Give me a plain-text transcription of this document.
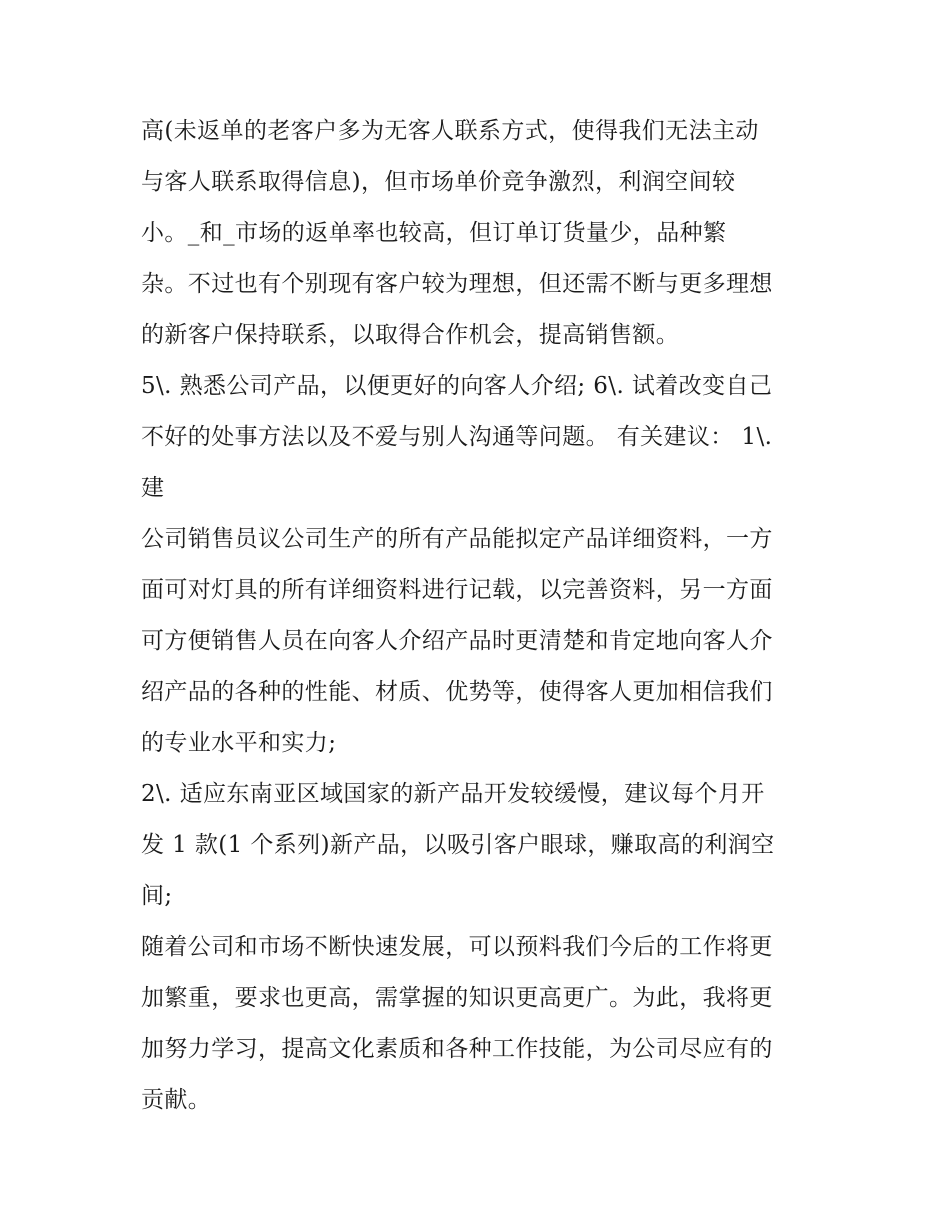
高(未返单的老客户多为无客人联系方式，使得我们无法主动
与客人联系取得信息)，但市场单价竞争激烈，利润空间较
小。_和_市场的返单率也较高，但订单订货量少，品种繁
杂。不过也有个别现有客户较为理想，但还需不断与更多理想
的新客户保持联系，以取得合作机会，提高销售额。
5\. 熟悉公司产品，以便更好的向客人介绍; 6\. 试着改变自己
不好的处事方法以及不爱与别人沟通等问题。 有关建议： 1\.
建
公司销售员议公司生产的所有产品能拟定产品详细资料，一方
面可对灯具的所有详细资料进行记载，以完善资料，另一方面
可方便销售人员在向客人介绍产品时更清楚和肯定地向客人介
绍产品的各种的性能、材质、优势等，使得客人更加相信我们
的专业水平和实力;
2\. 适应东南亚区域国家的新产品开发较缓慢，建议每个月开
发 1 款(1 个系列)新产品，以吸引客户眼球，赚取高的利润空
间;
随着公司和市场不断快速发展，可以预料我们今后的工作将更
加繁重，要求也更高，需掌握的知识更高更广。为此，我将更
加努力学习，提高文化素质和各种工作技能，为公司尽应有的
贡献。
